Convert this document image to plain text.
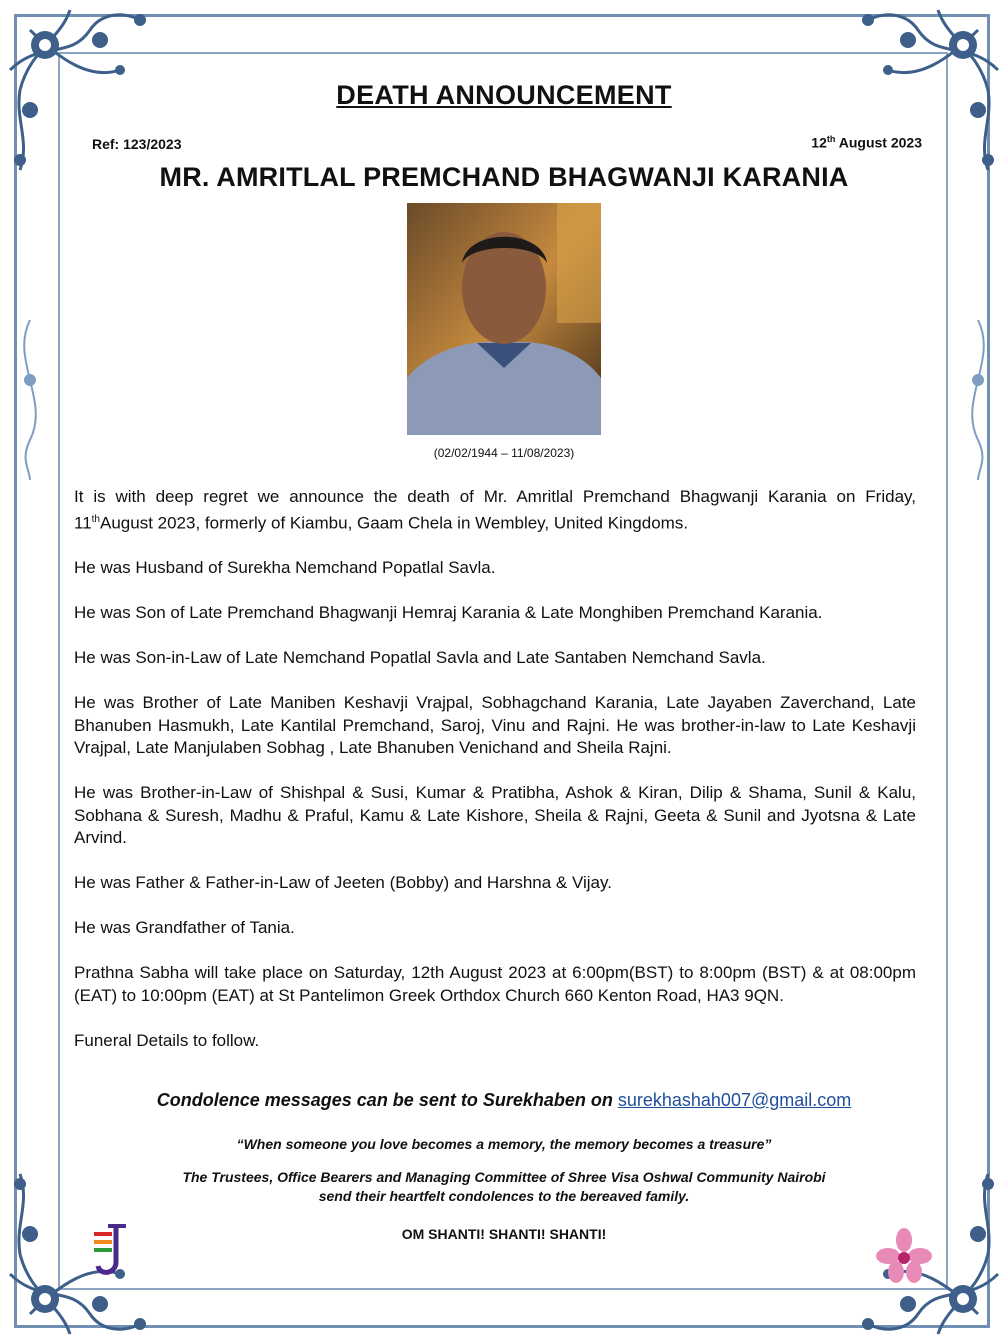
DEATH ANNOUNCEMENT
Ref: 123/2023	12th August 2023
MR. AMRITLAL PREMCHAND BHAGWANJI KARANIA
(02/02/1944 – 11/08/2023)

It is with deep regret we announce the death of Mr. Amritlal Premchand Bhagwanji Karania on Friday, 11thAugust 2023, formerly of Kiambu, Gaam Chela in Wembley, United Kingdoms.

He was Husband of Surekha Nemchand Popatlal Savla.

He was Son of Late Premchand Bhagwanji Hemraj Karania & Late Monghiben Premchand Karania.

He was Son-in-Law of Late Nemchand Popatlal Savla and Late Santaben Nemchand Savla.

He was Brother of Late Maniben Keshavji Vrajpal, Sobhagchand Karania, Late Jayaben Zaverchand, Late Bhanuben Hasmukh, Late Kantilal Premchand, Saroj, Vinu and Rajni. He was brother-in-law to Late Keshavji Vrajpal, Late Manjulaben Sobhag , Late Bhanuben Venichand and Sheila Rajni.

He was Brother-in-Law of Shishpal & Susi, Kumar & Pratibha, Ashok & Kiran, Dilip & Shama, Sunil & Kalu, Sobhana & Suresh, Madhu & Praful, Kamu & Late Kishore, Sheila & Rajni, Geeta & Sunil and Jyotsna & Late Arvind.

He was Father & Father-in-Law of Jeeten (Bobby) and Harshna & Vijay.

He was Grandfather of Tania.

Prathna Sabha will take place on Saturday, 12th August 2023 at 6:00pm(BST) to 8:00pm (BST) & at 08:00pm (EAT) to 10:00pm (EAT) at St Pantelimon Greek Orthdox Church 660 Kenton Road, HA3 9QN.

Funeral Details to follow.

Condolence messages can be sent to Surekhaben on surekhashah007@gmail.com
“When someone you love becomes a memory, the memory becomes a treasure”
The Trustees, Office Bearers and Managing Committee of Shree Visa Oshwal Community Nairobi
send their heartfelt condolences to the bereaved family.
OM SHANTI! SHANTI! SHANTI!
